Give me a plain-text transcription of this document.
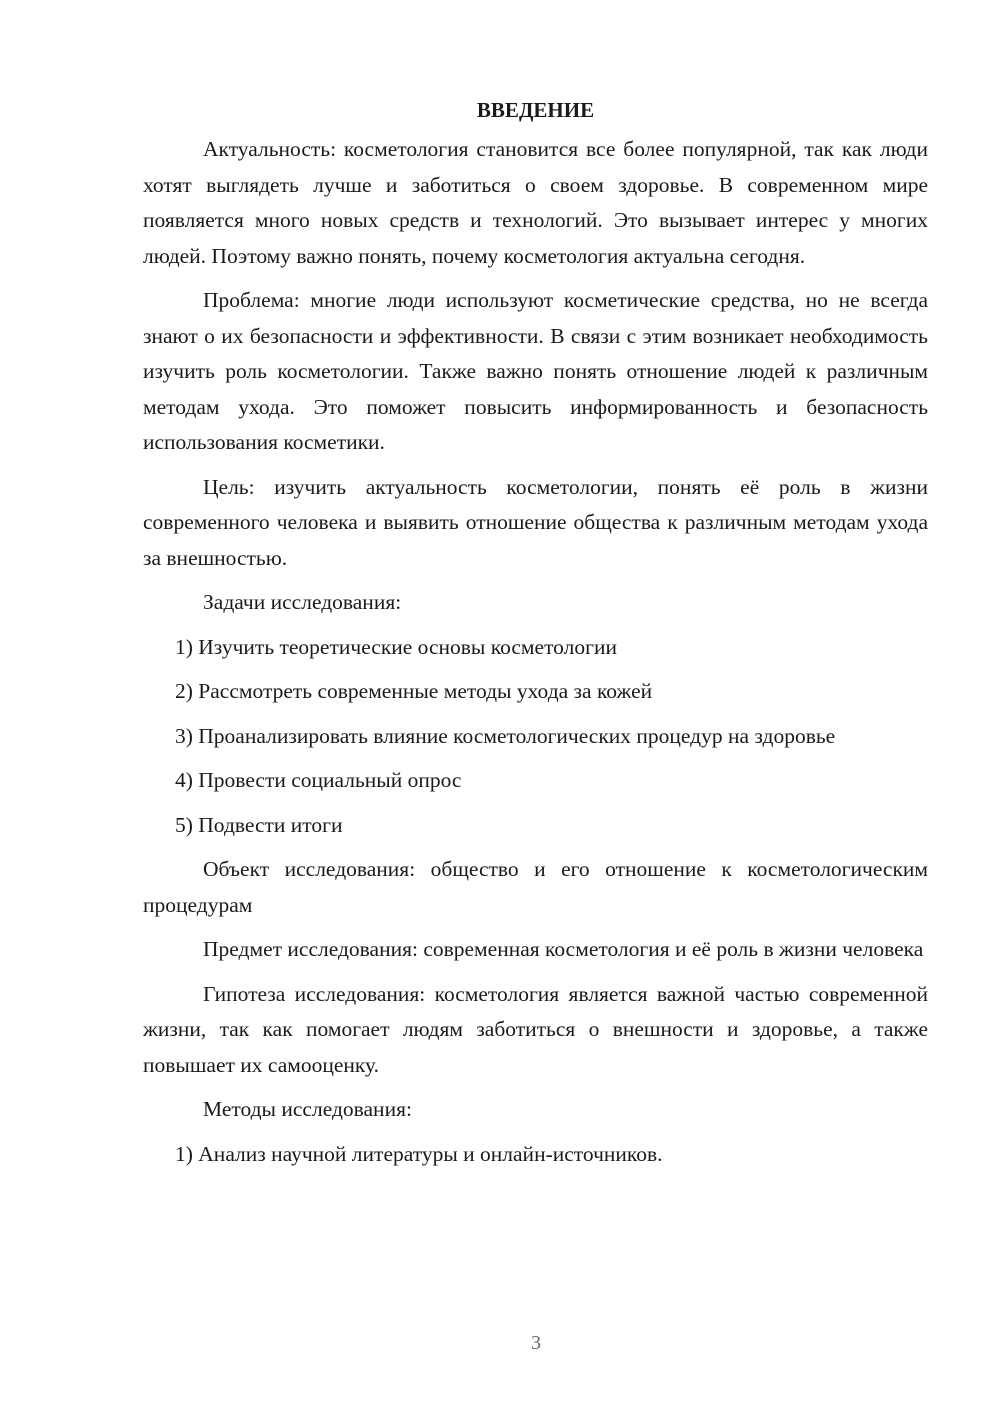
ВВЕДЕНИЕ

Актуальность: косметология становится все более популярной, так как люди хотят выглядеть лучше и заботиться о своем здоровье. В современном мире появляется много новых средств и технологий. Это вызывает интерес у многих людей. Поэтому важно понять, почему косметология актуальна сегодня.

Проблема: многие люди используют косметические средства, но не всегда знают о их безопасности и эффективности. В связи с этим возникает необходимость изучить роль косметологии. Также важно понять отношение людей к различным методам ухода. Это поможет повысить информированность и безопасность использования косметики.

Цель: изучить актуальность косметологии, понять её роль в жизни современного человека и выявить отношение общества к различным методам ухода за внешностью.

Задачи исследования:

1) Изучить теоретические основы косметологии

2) Рассмотреть современные методы ухода за кожей

3) Проанализировать влияние косметологических процедур на здоровье

4) Провести социальный опрос

5) Подвести итоги

Объект исследования: общество и его отношение к косметологическим процедурам

Предмет исследования: современная косметология и её роль в жизни человека

Гипотеза исследования: косметология является важной частью современной жизни, так как помогает людям заботиться о внешности и здоровье, а также повышает их самооценку.

Методы исследования:

1) Анализ научной литературы и онлайн-источников.

3
